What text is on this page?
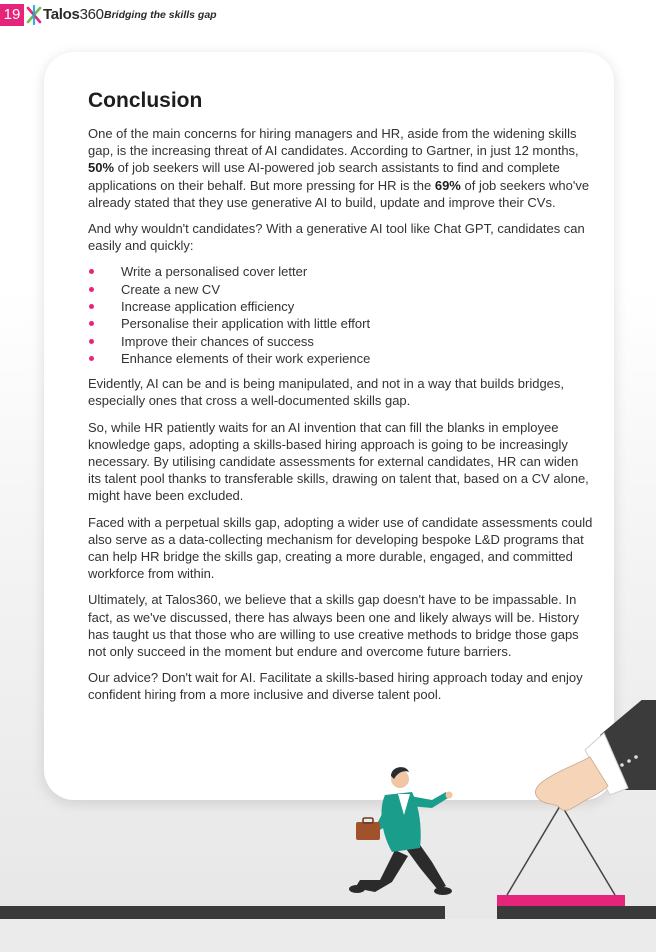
19 Talos360 Bridging the skills gap
Conclusion

One of the main concerns for hiring managers and HR, aside from the widening skills gap, is the increasing threat of AI candidates. According to Gartner, in just 12 months, 50% of job seekers will use AI-powered job search assistants to find and complete applications on their behalf. But more pressing for HR is the 69% of job seekers who've already stated that they use generative AI to build, update and improve their CVs.

And why wouldn't candidates? With a generative AI tool like Chat GPT, candidates can easily and quickly:

Write a personalised cover letter
Create a new CV
Increase application efficiency
Personalise their application with little effort
Improve their chances of success
Enhance elements of their work experience

Evidently, AI can be and is being manipulated, and not in a way that builds bridges, especially ones that cross a well-documented skills gap.

So, while HR patiently waits for an AI invention that can fill the blanks in employee knowledge gaps, adopting a skills-based hiring approach is going to be increasingly necessary. By utilising candidate assessments for external candidates, HR can widen its talent pool thanks to transferable skills, drawing on talent that, based on a CV alone, might have been excluded.

Faced with a perpetual skills gap, adopting a wider use of candidate assessments could also serve as a data-collecting mechanism for developing bespoke L&D programs that can help HR bridge the skills gap, creating a more durable, engaged, and committed workforce from within.

Ultimately, at Talos360, we believe that a skills gap doesn't have to be impassable. In fact, as we've discussed, there has always been one and likely always will be. History has taught us that those who are willing to use creative methods to bridge those gaps not only succeed in the moment but endure and overcome future barriers.

Our advice? Don't wait for AI. Facilitate a skills-based hiring approach today and enjoy confident hiring from a more inclusive and diverse talent pool.
